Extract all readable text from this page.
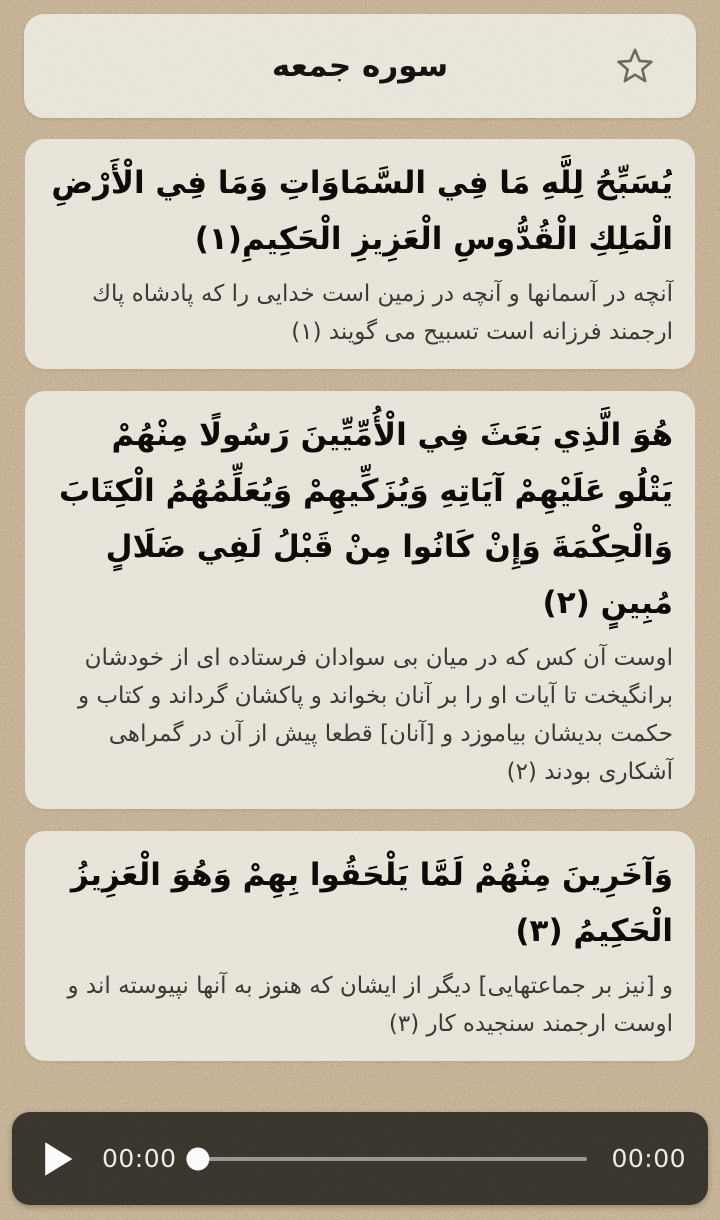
سوره جمعه
يُسَبِّحُ لِلَّهِ مَا فِي السَّمَاوَاتِ وَمَا فِي الْأَرْضِ الْمَلِكِ الْقُدُّوسِ الْعَزِيزِ الْحَكِيمِ(١)
آنچه در آسمانها و آنچه در زمین است خدایی را كه پادشاه پاك ارجمند فرزانه است تسبیح می گویند (۱)
هُوَ الَّذِي بَعَثَ فِي الْأُمِّيِّينَ رَسُولًا مِنْهُمْ يَتْلُو عَلَيْهِمْ آيَاتِهِ وَيُزَكِّيهِمْ وَيُعَلِّمُهُمُ الْكِتَابَ وَالْحِكْمَةَ وَإِنْ كَانُوا مِنْ قَبْلُ لَفِي ضَلَالٍ مُبِينٍ (٢)
اوست آن كس كه در میان بی سوادان فرستاده ای از خودشان برانگیخت تا آیات او را بر آنان بخواند و پاكشان گرداند و كتاب و حكمت بدیشان بیاموزد و [آنان] قطعا پیش از آن در گمراهی آشكاری بودند (۲)
وَآخَرِينَ مِنْهُمْ لَمَّا يَلْحَقُوا بِهِمْ وَهُوَ الْعَزِيزُ الْحَكِيمُ (٣)
و [نیز بر جماعتهایی] دیگر از ایشان كه هنوز به آنها نپیوسته اند و اوست ارجمند سنجیده كار (۳)
00:00	00:00
